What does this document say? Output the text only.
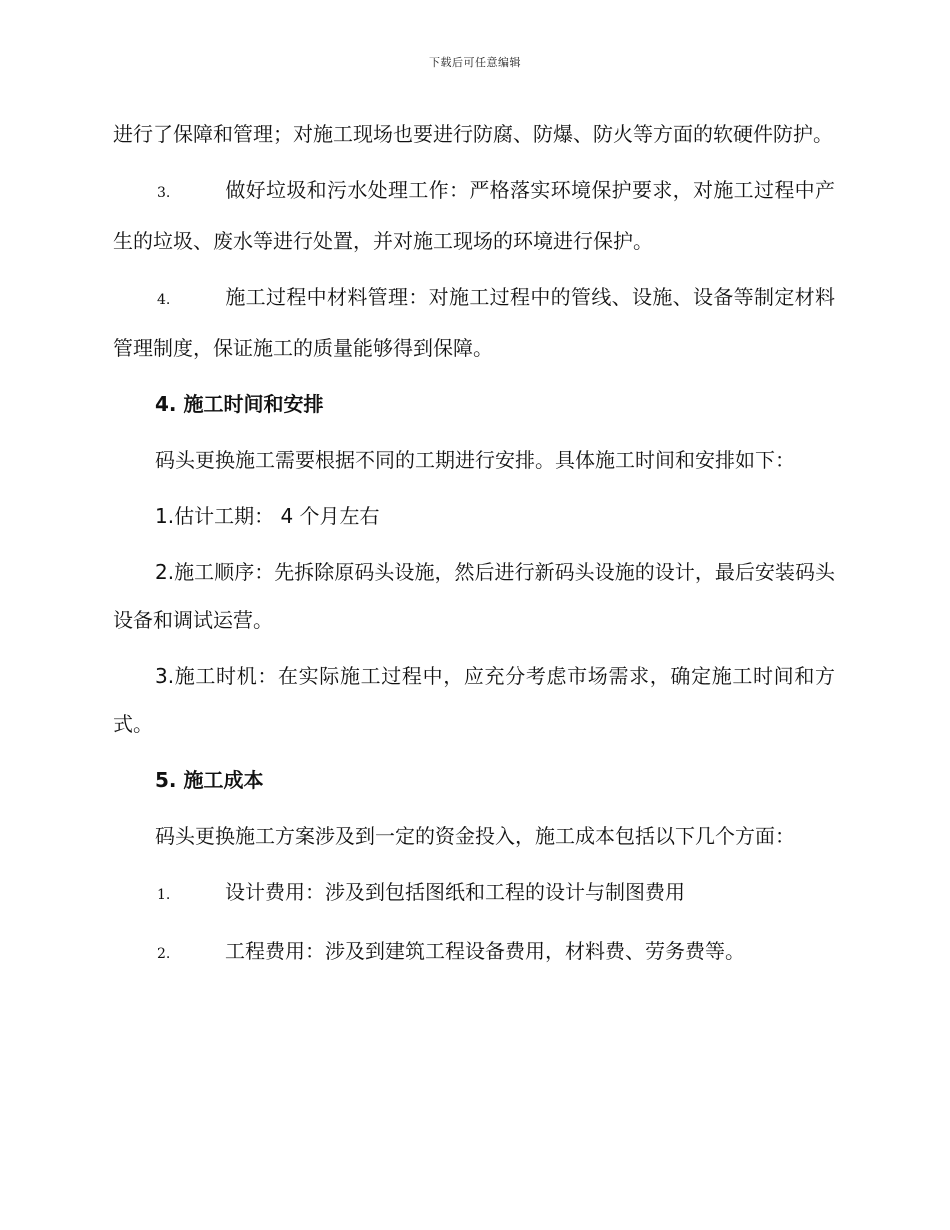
下载后可任意编辑

进行了保障和管理；对施工现场也要进行防腐、防爆、防火等方面的软硬件防护。

3.	做好垃圾和污水处理工作：严格落实环境保护要求，对施工过程中产生的垃圾、废水等进行处置，并对施工现场的环境进行保护。

4.	施工过程中材料管理：对施工过程中的管线、设施、设备等制定材料管理制度，保证施工的质量能够得到保障。

4. 施工时间和安排

码头更换施工需要根据不同的工期进行安排。具体施工时间和安排如下：

1.估计工期： 4 个月左右

2.施工顺序：先拆除原码头设施，然后进行新码头设施的设计，最后安装码头设备和调试运营。

3.施工时机：在实际施工过程中，应充分考虑市场需求，确定施工时间和方式。

5. 施工成本

码头更换施工方案涉及到一定的资金投入，施工成本包括以下几个方面：

1.	设计费用：涉及到包括图纸和工程的设计与制图费用

2.	工程费用：涉及到建筑工程设备费用，材料费、劳务费等。
